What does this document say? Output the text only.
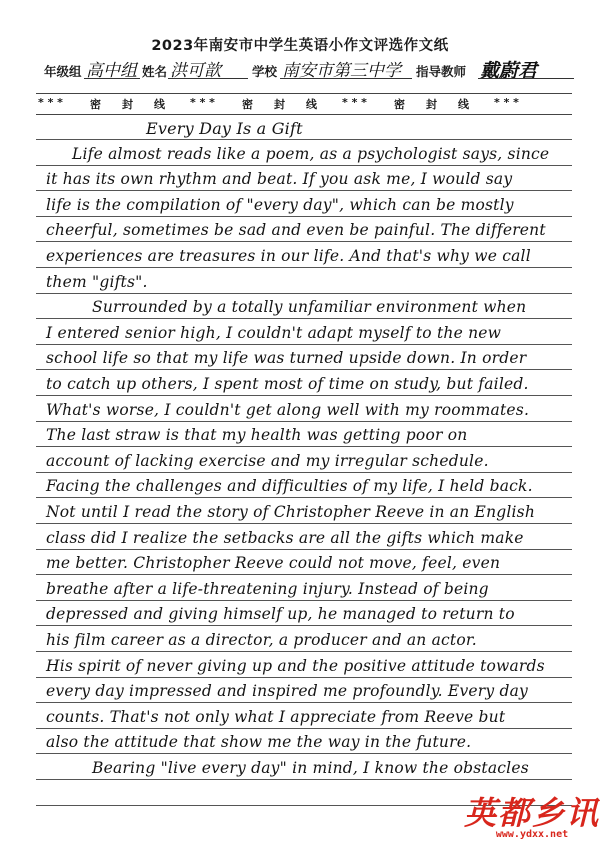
2023年南安市中学生英语小作文评选作文纸
年级组 高中组 姓名 洪可歆 学校 南安市第三中学 指导教师 戴蔚君
* * * 密 封 线 * * * 密 封 线 * * * 密 封 线 * * *
Every Day Is a Gift
Life almost reads like a poem, as a psychologist says, since
it has its own rhythm and beat. If you ask me, I would say
life is the compilation of "every day", which can be mostly
cheerful, sometimes be sad and even be painful. The different
experiences are treasures in our life. And that's why we call
them "gifts".
Surrounded by a totally unfamiliar environment when
I entered senior high, I couldn't adapt myself to the new
school life so that my life was turned upside down. In order
to catch up others, I spent most of time on study, but failed.
What's worse, I couldn't get along well with my roommates.
The last straw is that my health was getting poor on
account of lacking exercise and my irregular schedule.
Facing the challenges and difficulties of my life, I held back.
Not until I read the story of Christopher Reeve in an English
class did I realize the setbacks are all the gifts which make
me better. Christopher Reeve could not move, feel, even
breathe after a life-threatening injury. Instead of being
depressed and giving himself up, he managed to return to
his film career as a director, a producer and an actor.
His spirit of never giving up and the positive attitude towards
every day impressed and inspired me profoundly. Every day
counts. That's not only what I appreciate from Reeve but
also the attitude that show me the way in the future.
Bearing "live every day" in mind, I know the obstacles
英都乡讯
www.ydxx.net
